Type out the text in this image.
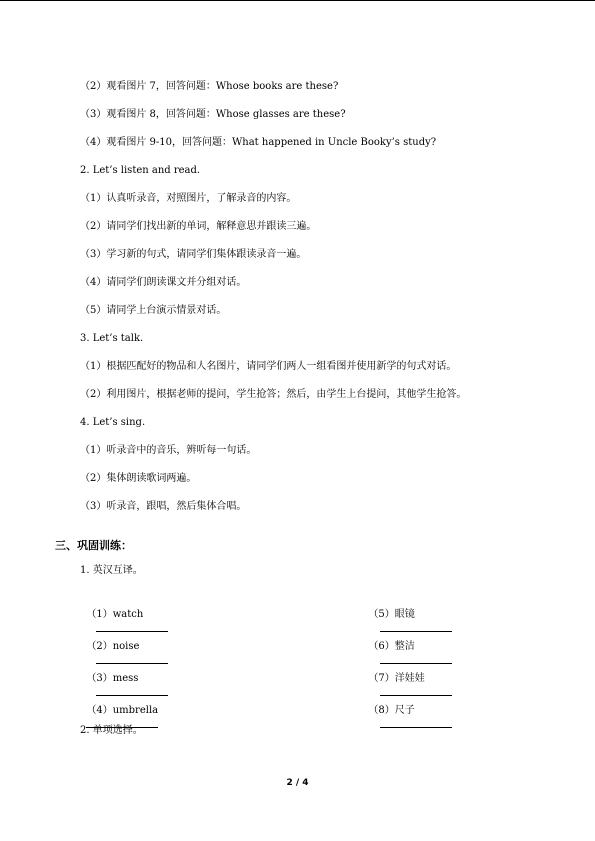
（2）观看图片 7，回答问题：Whose books are these?
（3）观看图片 8，回答问题：Whose glasses are these?
（4）观看图片 9-10，回答问题：What happened in Uncle Booky’s study?
2. Let’s listen and read.
（1）认真听录音，对照图片，了解录音的内容。
（2）请同学们找出新的单词，解释意思并跟读三遍。
（3）学习新的句式，请同学们集体跟读录音一遍。
（4）请同学们朗读课文并分组对话。
（5）请同学上台演示情景对话。
3. Let’s talk.
（1）根据匹配好的物品和人名图片，请同学们两人一组看图并使用新学的句式对话。
（2）利用图片，根据老师的提问，学生抢答；然后，由学生上台提问，其他学生抢答。
4. Let’s sing.
（1）听录音中的音乐，辨听每一句话。
（2）集体朗读歌词两遍。
（3）听录音，跟唱，然后集体合唱。
三、巩固训练：
1. 英汉互译。

（1）watch

（2）noise

（3）mess

（4）umbrella

（5）眼镜

（6）整洁

（7）洋娃娃

（8）尺子

2. 单项选择。
2 / 4
